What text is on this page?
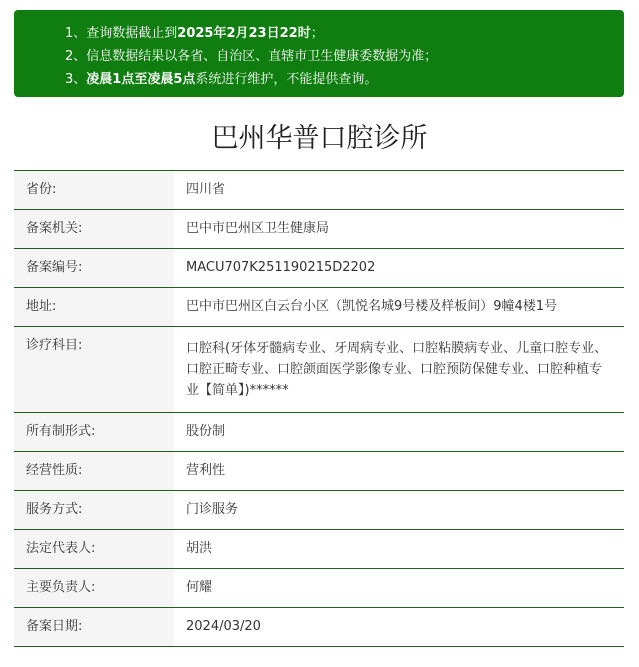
1、查询数据截止到2025年2月23日22时；
2、信息数据结果以各省、自治区、直辖市卫生健康委数据为准；
3、凌晨1点至凌晨5点系统进行维护，不能提供查询。
巴州华普口腔诊所
省份:	四川省
备案机关:	巴中市巴州区卫生健康局
备案编号:	MACU707K251190215D2202
地址:	巴中市巴州区白云台小区（凯悦名城9号楼及样板间）9幢4楼1号
诊疗科目:	口腔科(牙体牙髓病专业、牙周病专业、口腔粘膜病专业、儿童口腔专业、口腔正畸专业、口腔颌面医学影像专业、口腔预防保健专业、口腔种植专业【简单】)******
所有制形式:	股份制
经营性质:	营利性
服务方式:	门诊服务
法定代表人:	胡洪
主要负责人:	何耀
备案日期:	2024/03/20
